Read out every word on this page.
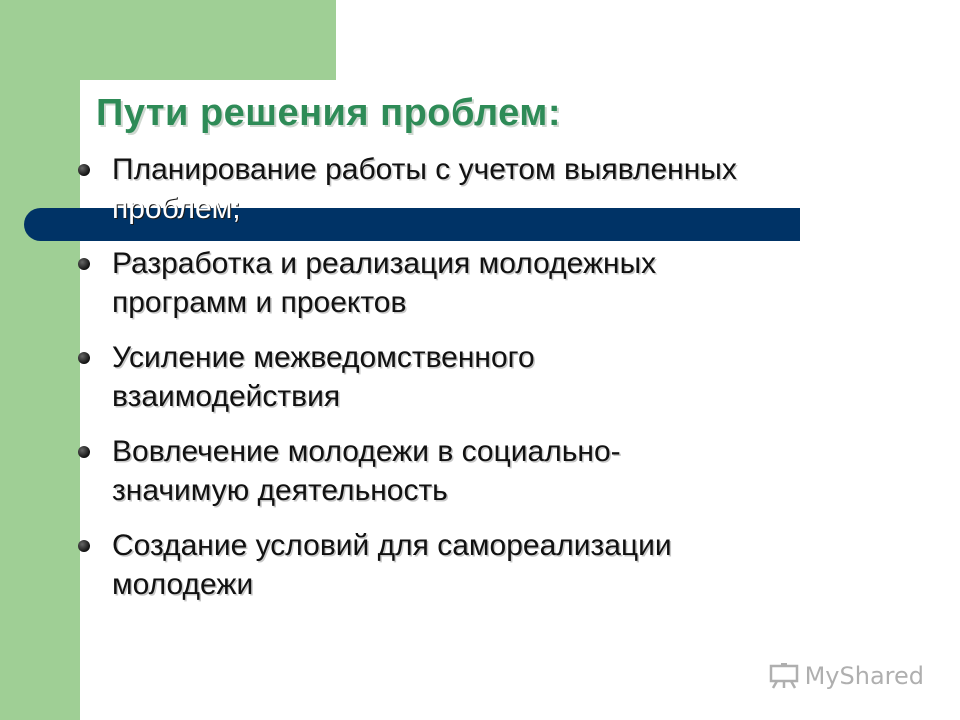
Пути решения проблем:
Планирование работы с учетом выявленных
проблем;
Разработка и реализация молодежных
программ и проектов
Усиление межведомственного
взаимодействия
Вовлечение молодежи в социально-
значимую деятельность
Создание условий для самореализации
молодежи
MyShared
